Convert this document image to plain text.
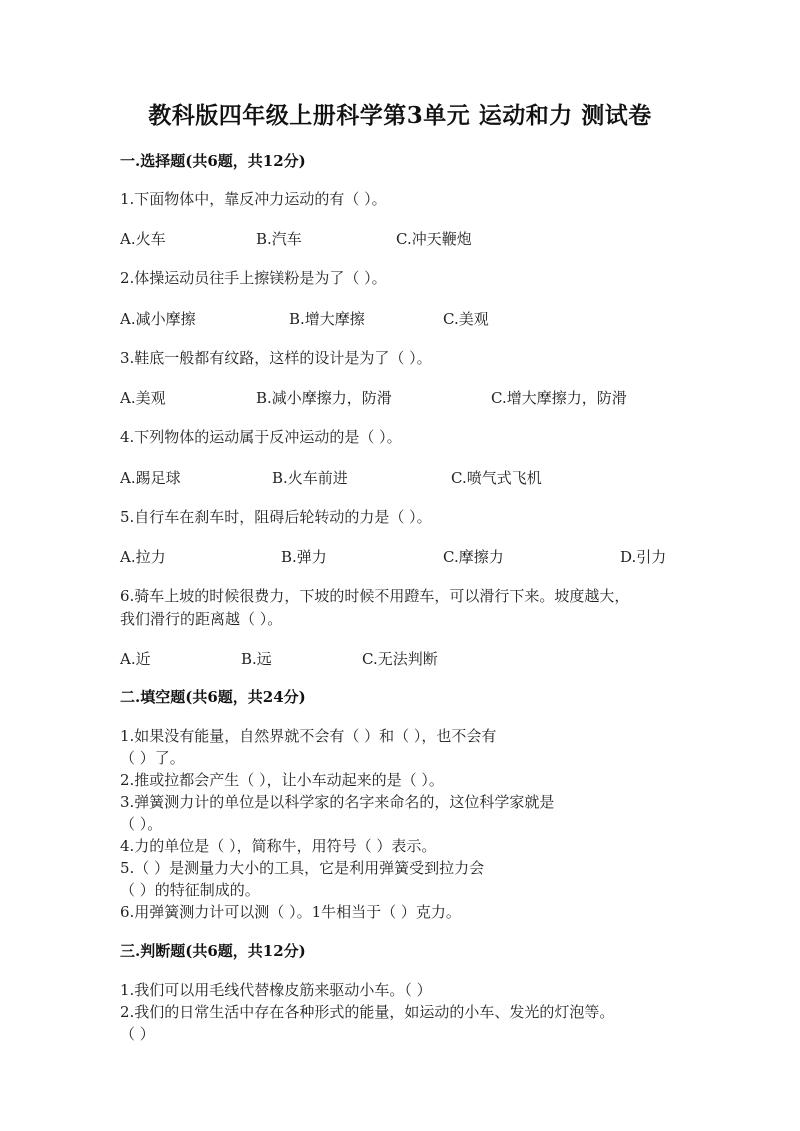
教科版四年级上册科学第3单元 运动和力 测试卷
一.选择题(共6题，共12分)
1.下面物体中，靠反冲力运动的有（ ）。
A.火车	B.汽车	C.冲天鞭炮
2.体操运动员往手上擦镁粉是为了（ ）。
A.减小摩擦	B.增大摩擦	C.美观
3.鞋底一般都有纹路，这样的设计是为了（ ）。
A.美观	B.减小摩擦力，防滑	C.增大摩擦力，防滑
4.下列物体的运动属于反冲运动的是（ ）。
A.踢足球	B.火车前进	C.喷气式飞机
5.自行车在刹车时，阻碍后轮转动的力是（ ）。
A.拉力	B.弹力	C.摩擦力	D.引力
6.骑车上坡的时候很费力，下坡的时候不用蹬车，可以滑行下来。坡度越大，
我们滑行的距离越（ ）。
A.近	B.远	C.无法判断
二.填空题(共6题，共24分)
1.如果没有能量，自然界就不会有（ ）和（ ），也不会有
（ ）了。
2.推或拉都会产生（ ），让小车动起来的是（ ）。
3.弹簧测力计的单位是以科学家的名字来命名的，这位科学家就是
（ ）。
4.力的单位是（ ），简称牛，用符号（ ）表示。
5.（ ）是测量力大小的工具，它是利用弹簧受到拉力会
（ ）的特征制成的。
6.用弹簧测力计可以测（ ）。1牛相当于（ ）克力。
三.判断题(共6题，共12分)
1.我们可以用毛线代替橡皮筋来驱动小车。（ ）
2.我们的日常生活中存在各种形式的能量，如运动的小车、发光的灯泡等。
（ ）
